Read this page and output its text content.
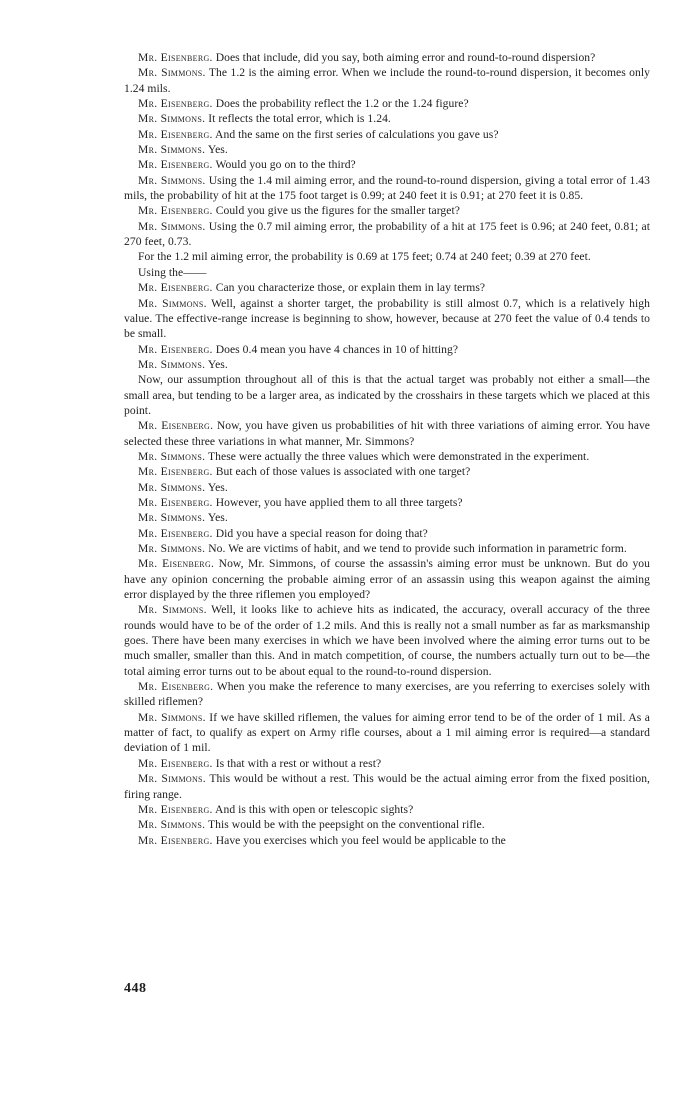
Mr. Eisenberg. Does that include, did you say, both aiming error and round-to-round dispersion?

Mr. Simmons. The 1.2 is the aiming error. When we include the round-to-round dispersion, it becomes only 1.24 mils.

Mr. Eisenberg. Does the probability reflect the 1.2 or the 1.24 figure?

Mr. Simmons. It reflects the total error, which is 1.24.

Mr. Eisenberg. And the same on the first series of calculations you gave us?

Mr. Simmons. Yes.

Mr. Eisenberg. Would you go on to the third?

Mr. Simmons. Using the 1.4 mil aiming error, and the round-to-round dispersion, giving a total error of 1.43 mils, the probability of hit at the 175 foot target is 0.99; at 240 feet it is 0.91; at 270 feet it is 0.85.

Mr. Eisenberg. Could you give us the figures for the smaller target?

Mr. Simmons. Using the 0.7 mil aiming error, the probability of a hit at 175 feet is 0.96; at 240 feet, 0.81; at 270 feet, 0.73.

For the 1.2 mil aiming error, the probability is 0.69 at 175 feet; 0.74 at 240 feet; 0.39 at 270 feet.

Using the——

Mr. Eisenberg. Can you characterize those, or explain them in lay terms?

Mr. Simmons. Well, against a shorter target, the probability is still almost 0.7, which is a relatively high value. The effective-range increase is beginning to show, however, because at 270 feet the value of 0.4 tends to be small.

Mr. Eisenberg. Does 0.4 mean you have 4 chances in 10 of hitting?

Mr. Simmons. Yes.

Now, our assumption throughout all of this is that the actual target was probably not either a small—the small area, but tending to be a larger area, as indicated by the crosshairs in these targets which we placed at this point.

Mr. Eisenberg. Now, you have given us probabilities of hit with three variations of aiming error. You have selected these three variations in what manner, Mr. Simmons?

Mr. Simmons. These were actually the three values which were demonstrated in the experiment.

Mr. Eisenberg. But each of those values is associated with one target?

Mr. Simmons. Yes.

Mr. Eisenberg. However, you have applied them to all three targets?

Mr. Simmons. Yes.

Mr. Eisenberg. Did you have a special reason for doing that?

Mr. Simmons. No. We are victims of habit, and we tend to provide such information in parametric form.

Mr. Eisenberg. Now, Mr. Simmons, of course the assassin's aiming error must be unknown. But do you have any opinion concerning the probable aiming error of an assassin using this weapon against the aiming error displayed by the three riflemen you employed?

Mr. Simmons. Well, it looks like to achieve hits as indicated, the accuracy, overall accuracy of the three rounds would have to be of the order of 1.2 mils. And this is really not a small number as far as marksmanship goes. There have been many exercises in which we have been involved where the aiming error turns out to be much smaller, smaller than this. And in match competition, of course, the numbers actually turn out to be—the total aiming error turns out to be about equal to the round-to-round dispersion.

Mr. Eisenberg. When you make the reference to many exercises, are you referring to exercises solely with skilled riflemen?

Mr. Simmons. If we have skilled riflemen, the values for aiming error tend to be of the order of 1 mil. As a matter of fact, to qualify as expert on Army rifle courses, about a 1 mil aiming error is required—a standard deviation of 1 mil.

Mr. Eisenberg. Is that with a rest or without a rest?

Mr. Simmons. This would be without a rest. This would be the actual aiming error from the fixed position, firing range.

Mr. Eisenberg. And is this with open or telescopic sights?

Mr. Simmons. This would be with the peepsight on the conventional rifle.

Mr. Eisenberg. Have you exercises which you feel would be applicable to the

448
